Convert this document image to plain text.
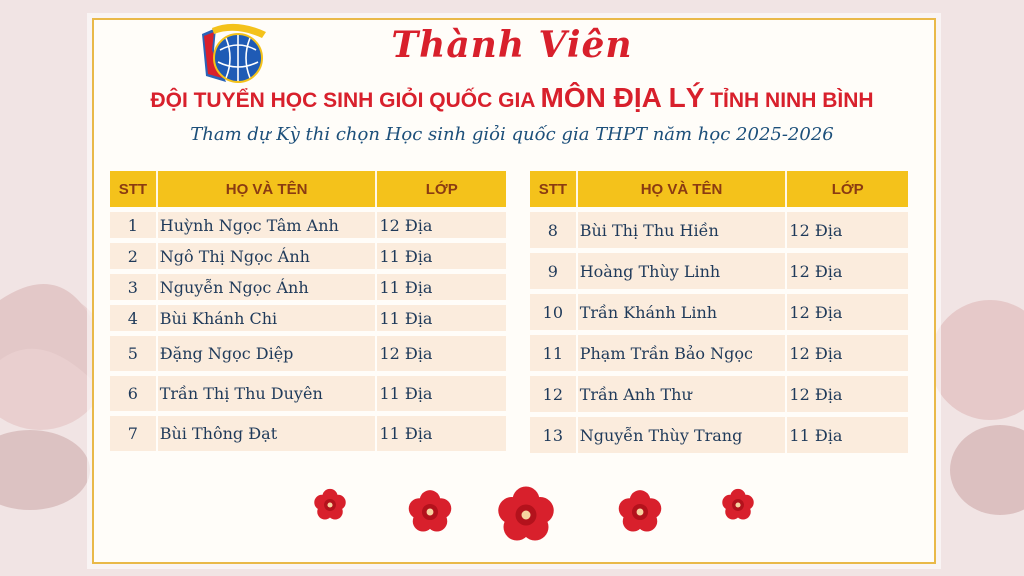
Thành Viên
ĐỘI TUYỂN HỌC SINH GIỎI QUỐC GIA MÔN ĐỊA LÝ TỈNH NINH BÌNH
Tham dự Kỳ thi chọn Học sinh giỏi quốc gia THPT năm học 2025-2026
STT	HỌ VÀ TÊN	LỚP
1	Huỳnh Ngọc Tâm Anh	12 Địa
2	Ngô Thị Ngọc Ánh	11 Địa
3	Nguyễn Ngọc Ánh	11 Địa
4	Bùi Khánh Chi	11 Địa
5	Đặng Ngọc Diệp	12 Địa
6	Trần Thị Thu Duyên	11 Địa
7	Bùi Thông Đạt	11 Địa
STT	HỌ VÀ TÊN	LỚP
8	Bùi Thị Thu Hiền	12 Địa
9	Hoàng Thùy Linh	12 Địa
10	Trần Khánh Linh	12 Địa
11	Phạm Trần Bảo Ngọc	12 Địa
12	Trần Anh Thư	12 Địa
13	Nguyễn Thùy Trang	11 Địa
